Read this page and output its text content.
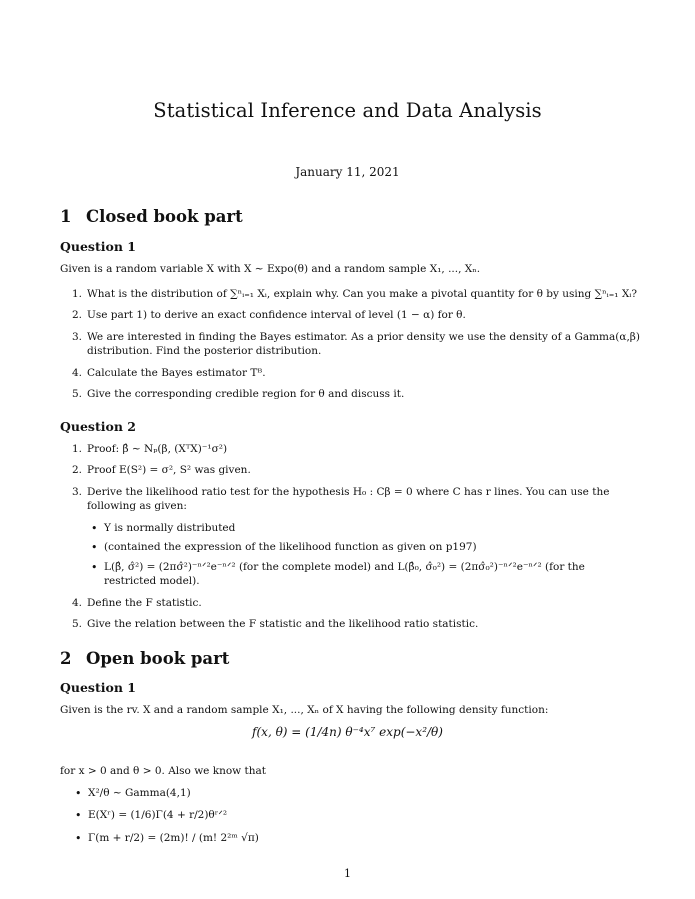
Statistical Inference and Data Analysis
January 11, 2021
1 Closed book part
Question 1
Given is a random variable X with X ∼ Expo(θ) and a random sample X₁, ..., Xₙ.
1. What is the distribution of ∑ⁿᵢ₌₁ Xᵢ, explain why. Can you make a pivotal quantity for θ by using ∑ⁿᵢ₌₁ Xᵢ?
2. Use part 1) to derive an exact confidence interval of level (1 − α) for θ.
3. We are interested in finding the Bayes estimator. As a prior density we use the density of a Gamma(α,β) distribution. Find the posterior distribution.
4. Calculate the Bayes estimator Tᴮ.
5. Give the corresponding credible region for θ and discuss it.
Question 2
1. Proof: β̂ ∼ Nₚ(β, (XᵀX)⁻¹σ²)
2. Proof E(S²) = σ², S² was given.
3. Derive the likelihood ratio test for the hypothesis H₀ : Cβ = 0 where C has r lines. You can use the following as given:
• Y is normally distributed
• (contained the expression of the likelihood function as given on p197)
• L(β̂, σ̂²) = (2πσ̂²)⁻ⁿᐟ²e⁻ⁿᐟ² (for the complete model) and L(β̂₀, σ̂₀²) = (2πσ̂₀²)⁻ⁿᐟ²e⁻ⁿᐟ² (for the restricted model).
4. Define the F statistic.
5. Give the relation between the F statistic and the likelihood ratio statistic.
2 Open book part
Question 1
Given is the rv. X and a random sample X₁, ..., Xₙ of X having the following density function:
f(x, θ) = (1/4n) θ⁻⁴x⁷ exp(−x²/θ)
for x > 0 and θ > 0. Also we know that
• X²/θ ∼ Gamma(4,1)
• E(Xʳ) = (1/6)Γ(4 + r/2)θʳᐟ²
• Γ(m + r/2) = (2m)! / (m! 2²ᵐ √π)
1
